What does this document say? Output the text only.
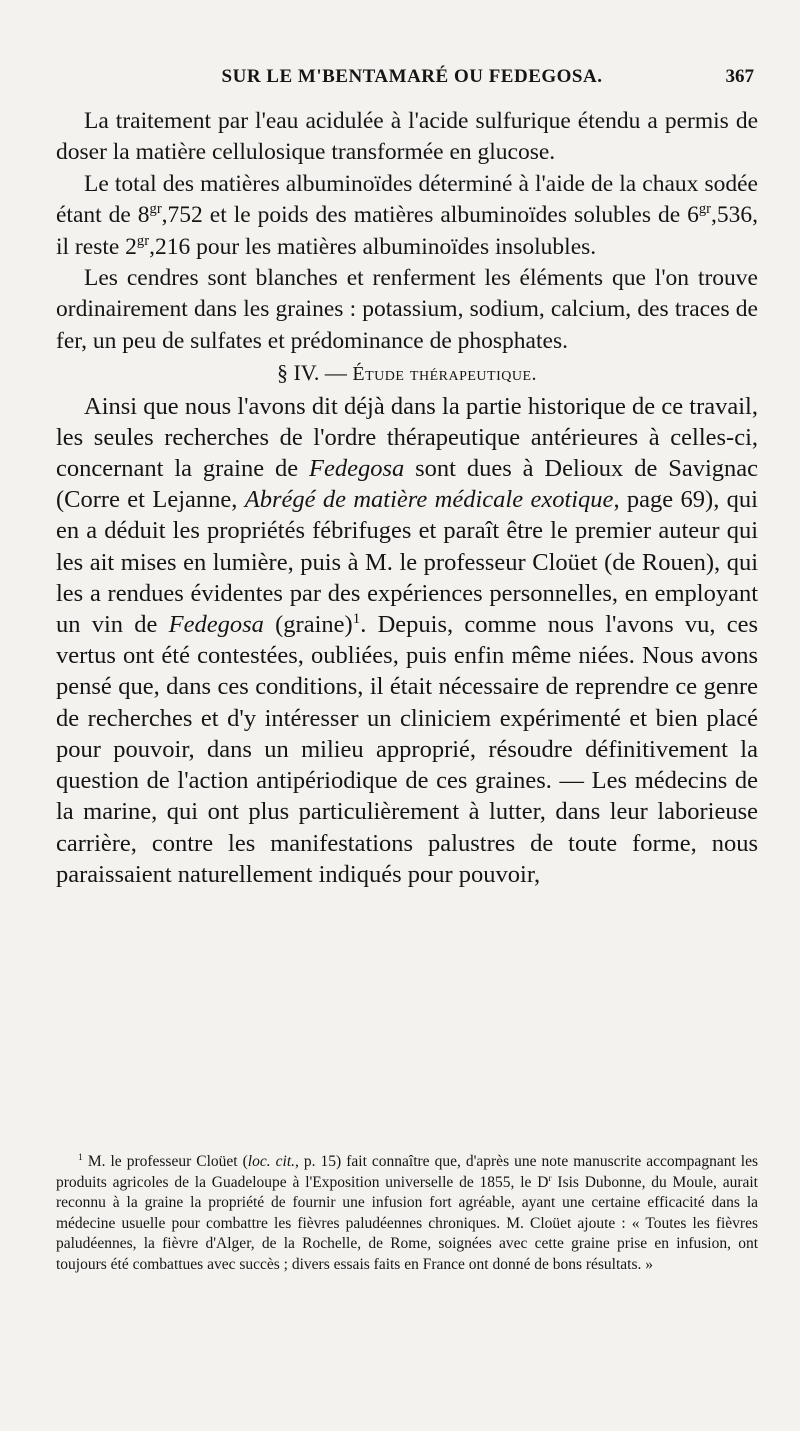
SUR LE M'BENTAMARÉ OU FEDEGOSA.	367

La traitement par l'eau acidulée à l'acide sulfurique étendu a permis de doser la matière cellulosique transformée en glucose.

Le total des matières albuminoïdes déterminé à l'aide de la chaux sodée étant de $8^{gr},752$ et le poids des matières albuminoïdes solubles de $6^{gr},536$, il reste $2^{gr},216$ pour les matières albuminoïdes insolubles.

Les cendres sont blanches et renferment les éléments que l'on trouve ordinairement dans les graines : potassium, sodium, calcium, des traces de fer, un peu de sulfates et prédominance de phosphates.

§ IV. — Étude thérapeutique.

Ainsi que nous l'avons dit déjà dans la partie historique de ce travail, les seules recherches de l'ordre thérapeutique antérieures à celles-ci, concernant la graine de Fedegosa sont dues à Delioux de Savignac (Corre et Lejanne, Abrégé de matière médicale exotique, page 69), qui en a déduit les propriétés fébrifuges et paraît être le premier auteur qui les ait mises en lumière, puis à M. le professeur Cloüet (de Rouen), qui les a rendues évidentes par des expériences personnelles, en employant un vin de Fedegosa (graine)$^1$. Depuis, comme nous l'avons vu, ces vertus ont été contestées, oubliées, puis enfin même niées. Nous avons pensé que, dans ces conditions, il était nécessaire de reprendre ce genre de recherches et d'y intéresser un cliniciem expérimenté et bien placé pour pouvoir, dans un milieu approprié, résoudre définitivement la question de l'action antipériodique de ces graines. — Les médecins de la marine, qui ont plus particulièrement à lutter, dans leur laborieuse carrière, contre les manifestations palustres de toute forme, nous paraissaient naturellement indiqués pour pouvoir,

$^1$ M. le professeur Cloüet (loc. cit., p. 15) fait connaître que, d'après une note manuscrite accompagnant les produits agricoles de la Guadeloupe à l'Exposition universelle de 1855, le $D^r$ Isis Dubonne, du Moule, aurait reconnu à la graine la propriété de fournir une infusion fort agréable, ayant une certaine efficacité dans la médecine usuelle pour combattre les fièvres paludéennes chroniques. M. Cloüet ajoute : « Toutes les fièvres paludéennes, la fièvre d'Alger, de la Rochelle, de Rome, soignées avec cette graine prise en infusion, ont toujours été combattues avec succès ; divers essais faits en France ont donné de bons résultats. »
